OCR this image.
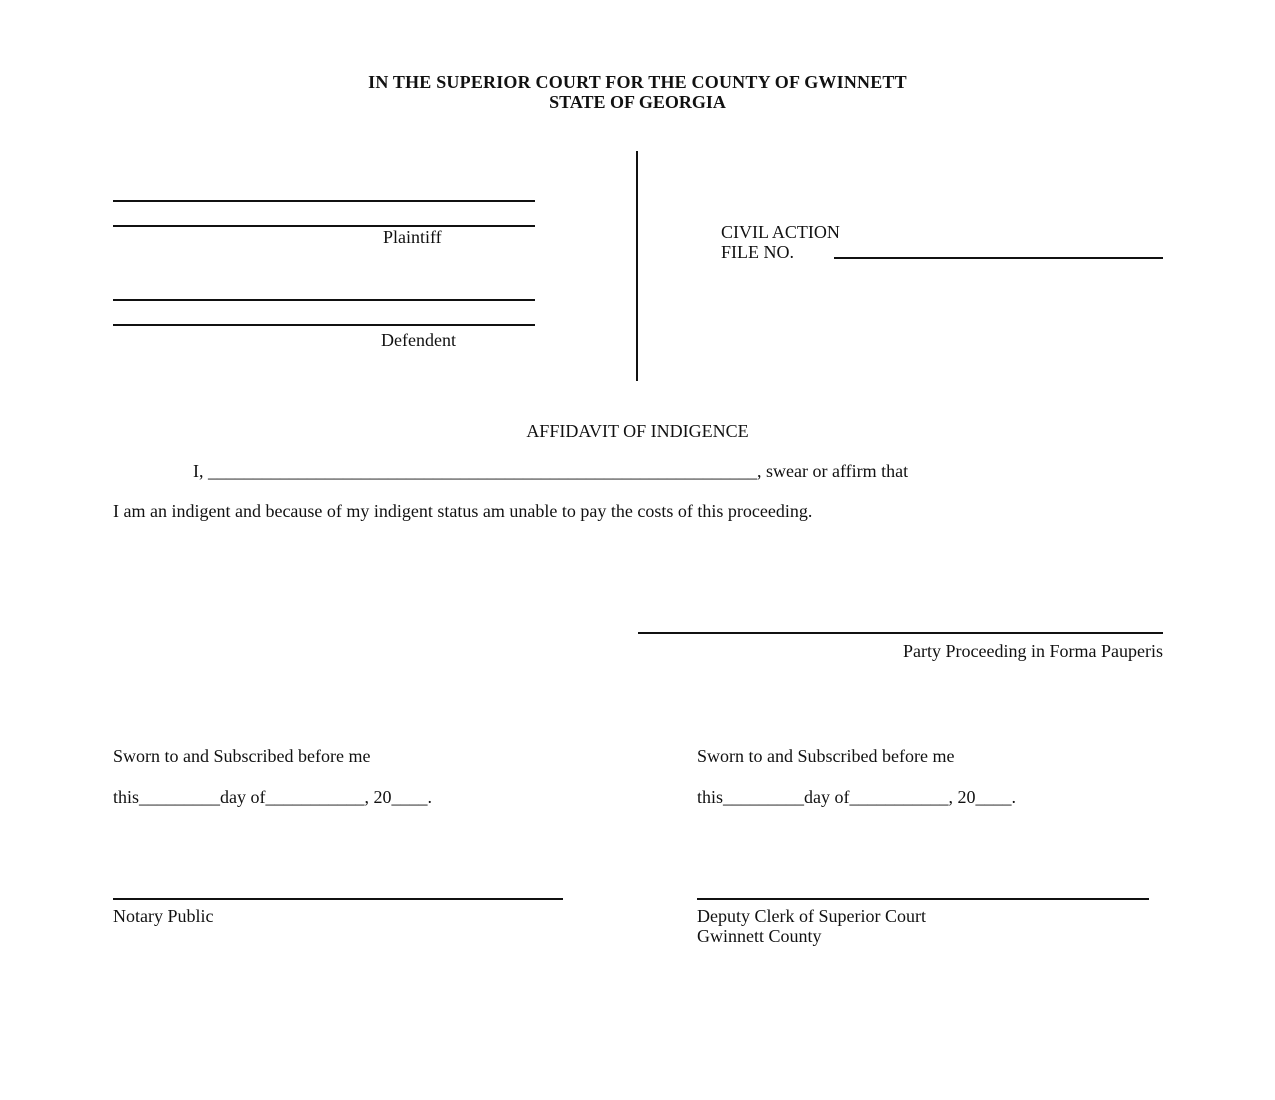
IN THE SUPERIOR COURT FOR THE COUNTY OF GWINNETT
STATE OF GEORGIA
Plaintiff
Defendent
CIVIL ACTION
FILE NO.
AFFIDAVIT OF INDIGENCE
I, _____________________________________________________________, swear or affirm that
I am an indigent and because of my indigent status am unable to pay the costs of this proceeding.
Party Proceeding in Forma Pauperis
Sworn to and Subscribed before me
this_________day of___________, 20____.
Notary Public
Sworn to and Subscribed before me
this_________day of___________, 20____.
Deputy Clerk of Superior Court
Gwinnett County
